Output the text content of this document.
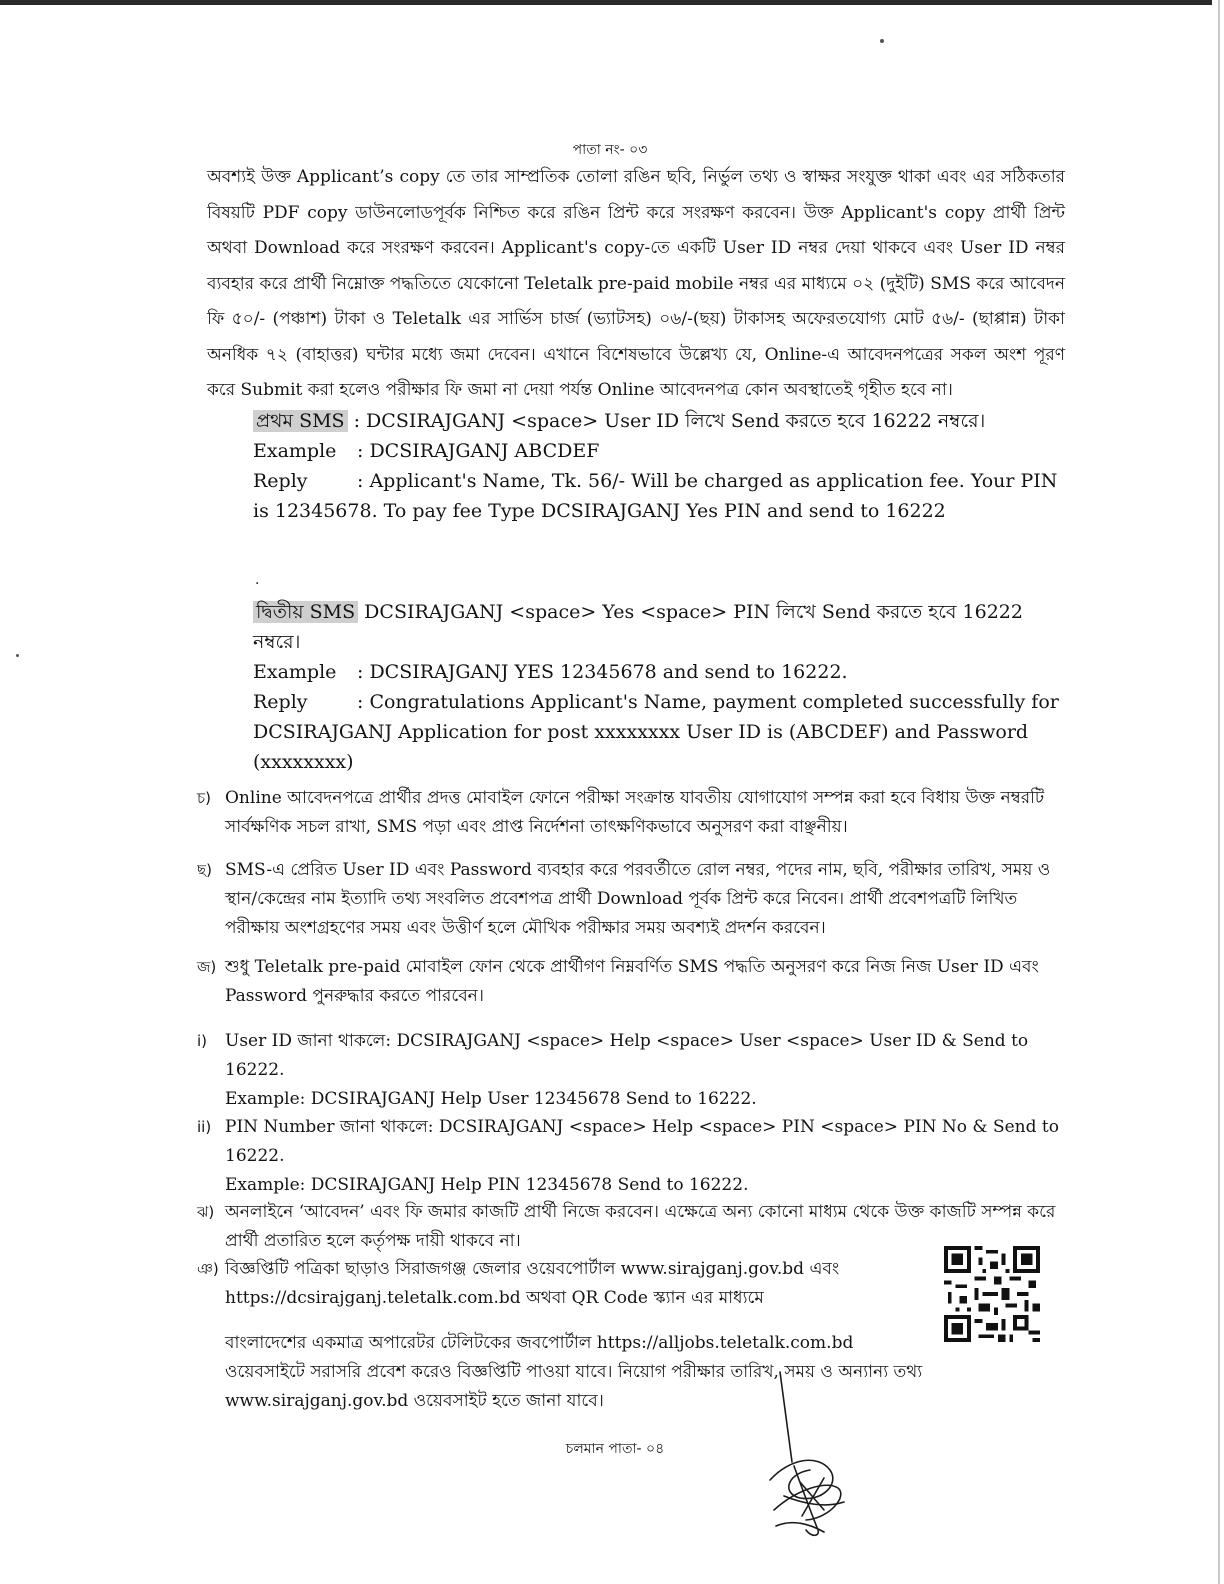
পাতা নং- ০৩

অবশ্যই উক্ত Applicant’s copy তে তার সাম্প্রতিক তোলা রঙিন ছবি, নির্ভুল তথ্য ও স্বাক্ষর সংযুক্ত থাকা এবং এর সঠিকতার বিষয়টি PDF copy ডাউনলোডপূর্বক নিশ্চিত করে রঙিন প্রিন্ট করে সংরক্ষণ করবেন। উক্ত Applicant's copy প্রার্থী প্রিন্ট অথবা Download করে সংরক্ষণ করবেন। Applicant's copy-তে একটি User ID নম্বর দেয়া থাকবে এবং User ID নম্বর ব্যবহার করে প্রার্থী নিম্নোক্ত পদ্ধতিতে যেকোনো Teletalk pre-paid mobile নম্বর এর মাধ্যমে ০২ (দুইটি) SMS করে আবেদন ফি ৫০/- (পঞ্চাশ) টাকা ও Teletalk এর সার্ভিস চার্জ (ভ্যাটসহ) ০৬/-(ছয়) টাকাসহ অফেরতযোগ্য মোট ৫৬/- (ছাপ্পান্ন) টাকা অনধিক ৭২ (বাহাত্তর) ঘন্টার মধ্যে জমা দেবেন। এখানে বিশেষভাবে উল্লেখ্য যে, Online-এ আবেদনপত্রের সকল অংশ পূরণ করে Submit করা হলেও পরীক্ষার ফি জমা না দেয়া পর্যন্ত Online আবেদনপত্র কোন অবস্থাতেই গৃহীত হবে না।

প্রথম SMS : DCSIRAJGANJ <space> User ID লিখে Send করতে হবে 16222 নম্বরে।
Example : DCSIRAJGANJ ABCDEF
Reply	: Applicant's Name, Tk. 56/- Will be charged as application fee. Your PIN is 12345678. To pay fee Type DCSIRAJGANJ Yes PIN and send to 16222
.
দ্বিতীয় SMS DCSIRAJGANJ <space> Yes <space> PIN লিখে Send করতে হবে 16222 নম্বরে।
Example : DCSIRAJGANJ YES 12345678 and send to 16222.
Reply	: Congratulations Applicant's Name, payment completed successfully for DCSIRAJGANJ Application for post xxxxxxxx User ID is (ABCDEF) and Password (xxxxxxxx)
চ) Online আবেদনপত্রে প্রার্থীর প্রদত্ত মোবাইল ফোনে পরীক্ষা সংক্রান্ত যাবতীয় যোগাযোগ সম্পন্ন করা হবে বিধায় উক্ত নম্বরটি সার্বক্ষণিক সচল রাখা, SMS পড়া এবং প্রাপ্ত নির্দেশনা তাৎক্ষণিকভাবে অনুসরণ করা বাঞ্ছনীয়।
ছ) SMS-এ প্রেরিত User ID এবং Password ব্যবহার করে পরবর্তীতে রোল নম্বর, পদের নাম, ছবি, পরীক্ষার তারিখ, সময় ও স্থান/কেন্দ্রের নাম ইত্যাদি তথ্য সংবলিত প্রবেশপত্র প্রার্থী Download পূর্বক প্রিন্ট করে নিবেন। প্রার্থী প্রবেশপত্রটি লিখিত পরীক্ষায় অংশগ্রহণের সময় এবং উত্তীর্ণ হলে মৌখিক পরীক্ষার সময় অবশ্যই প্রদর্শন করবেন।
জ) শুধু Teletalk pre-paid মোবাইল ফোন থেকে প্রার্থীগণ নিম্নবর্ণিত SMS পদ্ধতি অনুসরণ করে নিজ নিজ User ID এবং Password পুনরুদ্ধার করতে পারবেন।
i)	User ID জানা থাকলে: DCSIRAJGANJ <space> Help <space> User <space> User ID & Send to 16222.
Example: DCSIRAJGANJ Help User 12345678 Send to 16222.
ii) PIN Number জানা থাকলে: DCSIRAJGANJ <space> Help <space> PIN <space> PIN No & Send to 16222.
Example: DCSIRAJGANJ Help PIN 12345678 Send to 16222.
ঝ) অনলাইনে ‘আবেদন’ এবং ফি জমার কাজটি প্রার্থী নিজে করবেন। এক্ষেত্রে অন্য কোনো মাধ্যম থেকে উক্ত কাজটি সম্পন্ন করে প্রার্থী প্রতারিত হলে কর্তৃপক্ষ দায়ী থাকবে না।
ঞ) বিজ্ঞপ্তিটি পত্রিকা ছাড়াও সিরাজগঞ্জ জেলার ওয়েবপোর্টাল www.sirajganj.gov.bd এবং https://dcsirajganj.teletalk.com.bd অথবা QR Code স্ক্যান এর মাধ্যমে
বাংলাদেশের একমাত্র অপারেটর টেলিটকের জবপোর্টাল https://alljobs.teletalk.com.bd ওয়েবসাইটে সরাসরি প্রবেশ করেও বিজ্ঞপ্তিটি পাওয়া যাবে। নিয়োগ পরীক্ষার তারিখ, সময় ও অন্যান্য তথ্য www.sirajganj.gov.bd ওয়েবসাইট হতে জানা যাবে।
চলমান পাতা- ০৪
